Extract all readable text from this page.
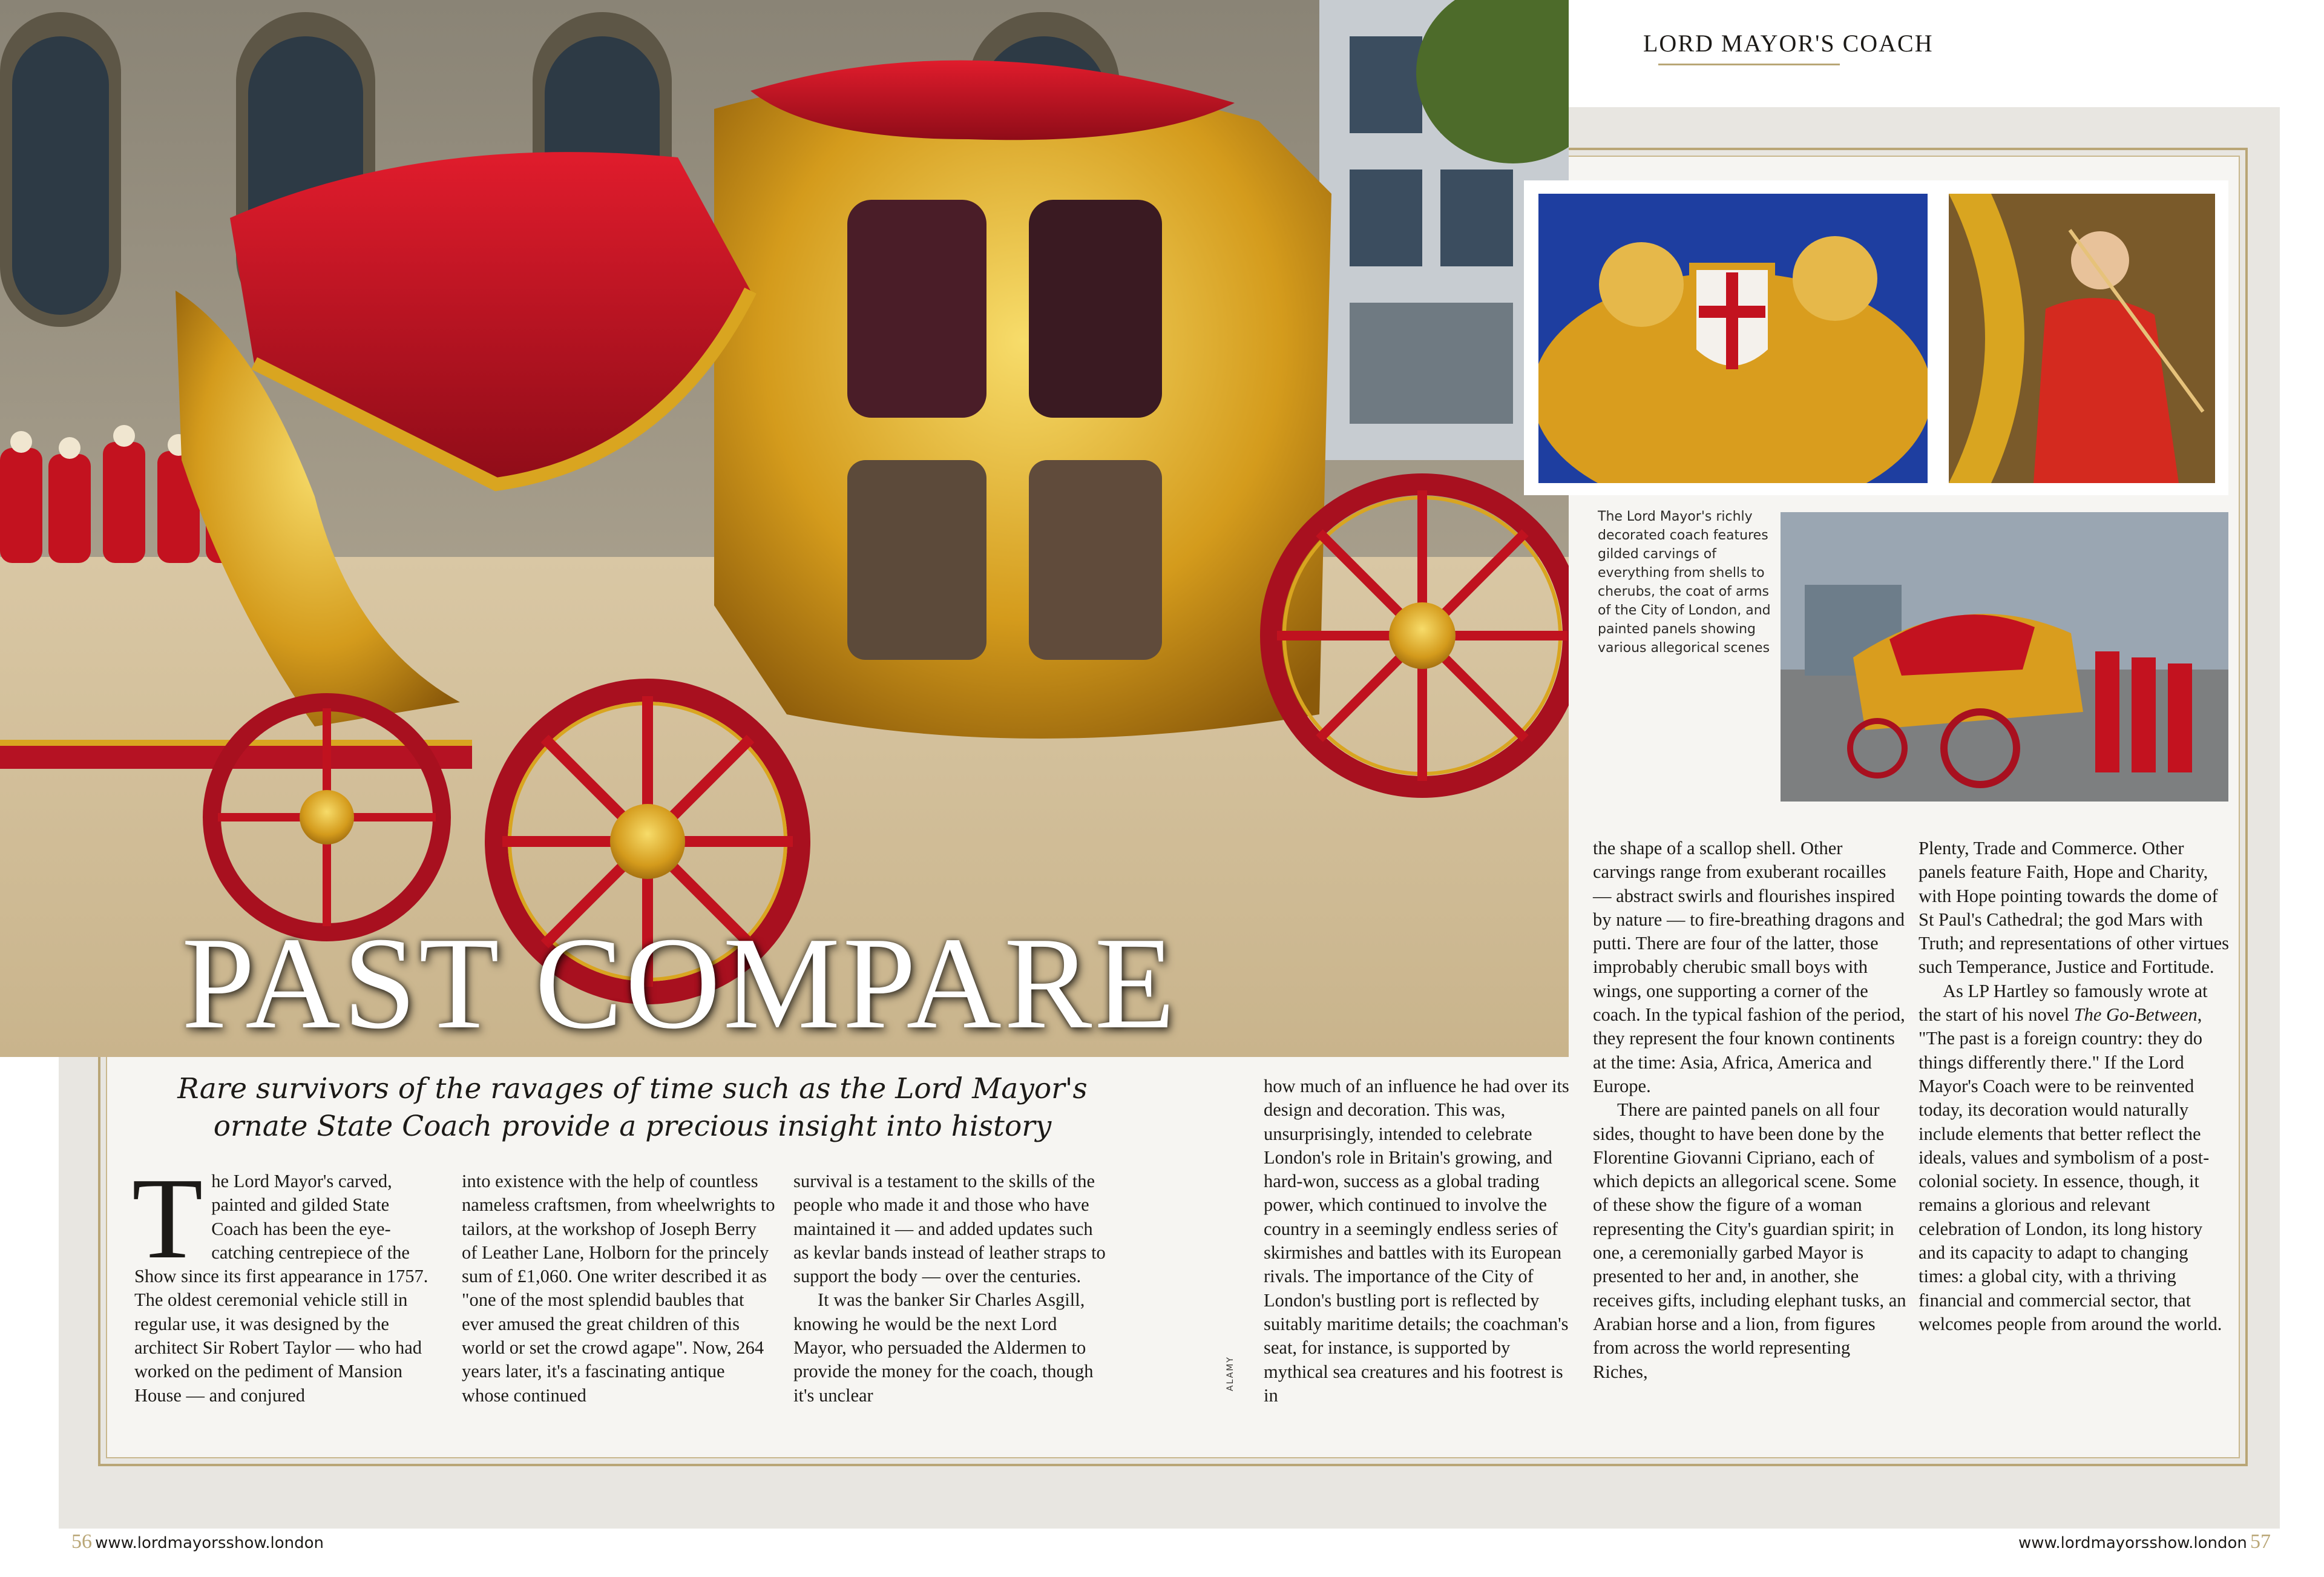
PAST COMPARE
LORD MAYOR'S COACH
The Lord Mayor's richly decorated coach features gilded carvings of everything from shells to cherubs, the coat of arms of the City of London, and painted panels showing various allegorical scenes
Rare survivors of the ravages of time such as the Lord Mayor's ornate State Coach provide a precious insight into history

The Lord Mayor's carved, painted and gilded State Coach has been the eye-catching centrepiece of the Show since its first appearance in 1757. The oldest ceremonial vehicle still in regular use, it was designed by the architect Sir Robert Taylor — who had worked on the pediment of Mansion House — and conjured

into existence with the help of countless nameless craftsmen, from wheelwrights to tailors, at the workshop of Joseph Berry of Leather Lane, Holborn for the princely sum of £1,060. One writer described it as "one of the most splendid baubles that ever amused the great children of this world or set the crowd agape". Now, 264 years later, it's a fascinating antique whose continued

survival is a testament to the skills of the people who made it and those who have maintained it — and added updates such as kevlar bands instead of leather straps to support the body — over the centuries.

It was the banker Sir Charles Asgill, knowing he would be the next Lord Mayor, who persuaded the Aldermen to provide the money for the coach, though it's unclear

how much of an influence he had over its design and decoration. This was, unsurprisingly, intended to celebrate London's role in Britain's growing, and hard-won, success as a global trading power, which continued to involve the country in a seemingly endless series of skirmishes and battles with its European rivals. The importance of the City of London's bustling port is reflected by suitably maritime details; the coachman's seat, for instance, is supported by mythical sea creatures and his footrest is in

the shape of a scallop shell. Other carvings range from exuberant rocailles — abstract swirls and flourishes inspired by nature — to fire-breathing dragons and putti. There are four of the latter, those improbably cherubic small boys with wings, one supporting a corner of the coach. In the typical fashion of the period, they represent the four known continents at the time: Asia, Africa, America and Europe.

There are painted panels on all four sides, thought to have been done by the Florentine Giovanni Cipriano, each of which depicts an allegorical scene. Some of these show the figure of a woman representing the City's guardian spirit; in one, a ceremonially garbed Mayor is presented to her and, in another, she receives gifts, including elephant tusks, an Arabian horse and a lion, from figures from across the world representing Riches,

Plenty, Trade and Commerce. Other panels feature Faith, Hope and Charity, with Hope pointing towards the dome of St Paul's Cathedral; the god Mars with Truth; and representations of other virtues such Temperance, Justice and Fortitude.

As LP Hartley so famously wrote at the start of his novel The Go-Between, "The past is a foreign country: they do things differently there." If the Lord Mayor's Coach were to be reinvented today, its decoration would naturally include elements that better reflect the ideals, values and symbolism of a post-colonial society. In essence, though, it remains a glorious and relevant celebration of London, its long history and its capacity to adapt to changing times: a global city, with a thriving financial and commercial sector, that welcomes people from around the world.

ALAMY
56 www.lordmayorsshow.london	www.lordmayorsshow.london 57
